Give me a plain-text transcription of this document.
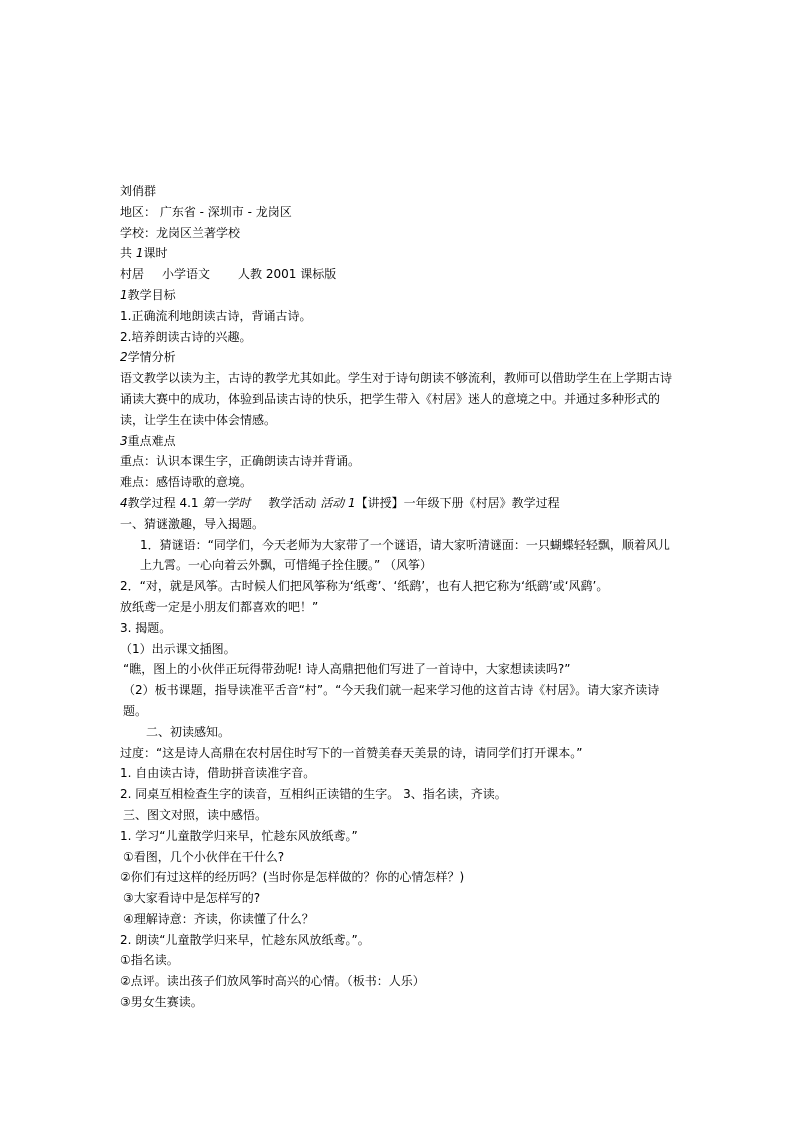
刘俏群
地区： 广东省 - 深圳市 - 龙岗区
学校：龙岗区兰著学校
共 1课时
村居 小学语文 人教 2001 课标版
1教学目标
1.正确流利地朗读古诗，背诵古诗。
2.培养朗读古诗的兴趣。
2学情分析
语文教学以读为主，古诗的教学尤其如此。学生对于诗句朗读不够流利，教师可以借助学生在上学期古诗诵读大赛中的成功，体验到品读古诗的快乐，把学生带入《村居》迷人的意境之中。并通过多种形式的读，让学生在读中体会情感。
3重点难点
重点：认识本课生字，正确朗读古诗并背诵。
难点：感悟诗歌的意境。
4教学过程 4.1 第一学时 教学活动 活动 1【讲授】一年级下册《村居》教学过程
一、猜谜激趣，导入揭题。
1．猜谜语：“同学们，今天老师为大家带了一个谜语，请大家听清谜面：一只蝴蝶轻轻飘，顺着风儿上九霄。一心向着云外飘，可惜绳子拴住腰。” （风筝）
2．“对，就是风筝。古时候人们把风筝称为‘纸鸢’、‘纸鹞’，也有人把它称为‘纸鹞’或‘风鹞’。
放纸鸢一定是小朋友们都喜欢的吧！”
3. 揭题。
（1）出示课文插图。
“瞧，图上的小伙伴正玩得带劲呢! 诗人高鼎把他们写进了一首诗中，大家想读读吗?”
（2）板书课题，指导读准平舌音“村”。“今天我们就一起来学习他的这首古诗《村居》。请大家齐读诗题。
二、初读感知。
过度：“这是诗人高鼎在农村居住时写下的一首赞美春天美景的诗，请同学们打开课本。”
1. 自由读古诗，借助拼音读准字音。
2. 同桌互相检查生字的读音，互相纠正读错的生字。 3、指名读，齐读。
三、图文对照，读中感悟。
1. 学习“儿童散学归来早，忙趁东风放纸鸢。”
①看图，几个小伙伴在干什么?
②你们有过这样的经历吗？(当时你是怎样做的？你的心情怎样？)
③大家看诗中是怎样写的?
④理解诗意：齐读，你读懂了什么？
2. 朗读“儿童散学归来早，忙趁东风放纸鸢。”。
①指名读。
②点评。读出孩子们放风筝时高兴的心情。（板书：人乐）
③男女生赛读。
